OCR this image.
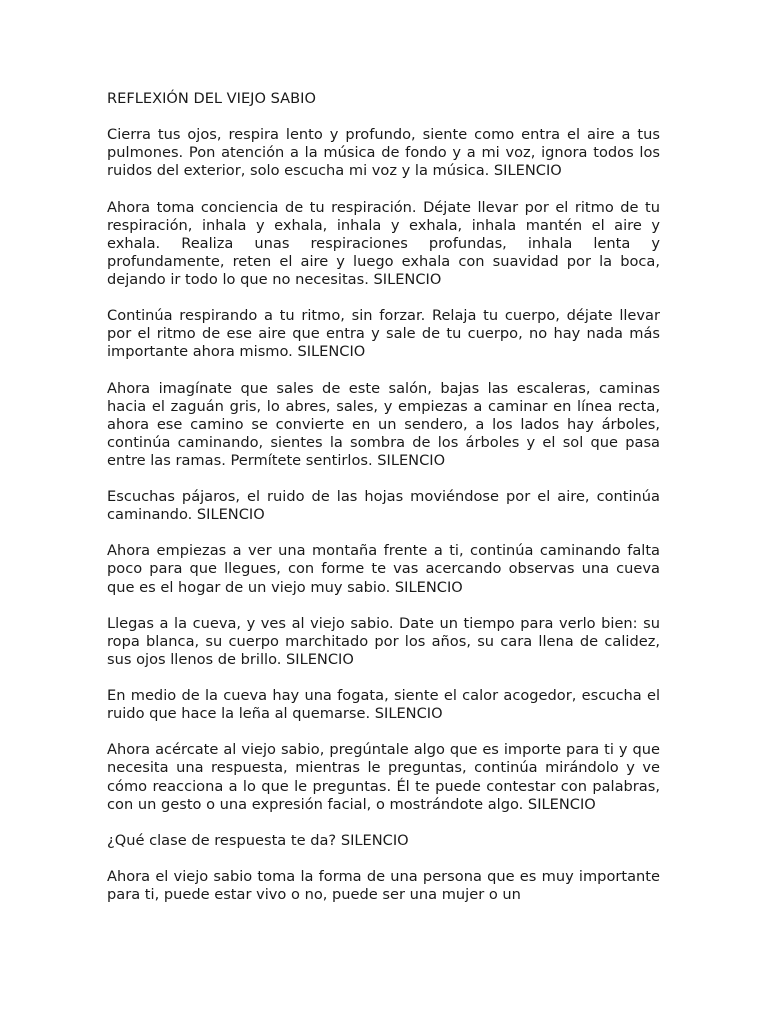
REFLEXIÓN DEL VIEJO SABIO

Cierra tus ojos, respira lento y profundo, siente como entra el aire a tus pulmones. Pon atención a la música de fondo y a mi voz, ignora todos los ruidos del exterior, solo escucha mi voz y la música. SILENCIO

Ahora toma conciencia de tu respiración. Déjate llevar por el ritmo de tu respiración, inhala y exhala, inhala y exhala, inhala mantén el aire y exhala. Realiza unas respiraciones profundas, inhala lenta y profundamente, reten el aire y luego exhala con suavidad por la boca, dejando ir todo lo que no necesitas. SILENCIO

Continúa respirando a tu ritmo, sin forzar. Relaja tu cuerpo, déjate llevar por el ritmo de ese aire que entra y sale de tu cuerpo, no hay nada más importante ahora mismo. SILENCIO

Ahora imagínate que sales de este salón, bajas las escaleras, caminas hacia el zaguán gris, lo abres, sales, y empiezas a caminar en línea recta, ahora ese camino se convierte en un sendero, a los lados hay árboles, continúa caminando, sientes la sombra de los árboles y el sol que pasa entre las ramas. Permítete sentirlos. SILENCIO

Escuchas pájaros, el ruido de las hojas moviéndose por el aire, continúa caminando. SILENCIO

Ahora empiezas a ver una montaña frente a ti, continúa caminando falta poco para que llegues, con forme te vas acercando observas una cueva que es el hogar de un viejo muy sabio. SILENCIO

Llegas a la cueva, y ves al viejo sabio. Date un tiempo para verlo bien: su ropa blanca, su cuerpo marchitado por los años, su cara llena de calidez, sus ojos llenos de brillo. SILENCIO

En medio de la cueva hay una fogata, siente el calor acogedor, escucha el ruido que hace la leña al quemarse. SILENCIO

Ahora acércate al viejo sabio, pregúntale algo que es importe para ti y que necesita una respuesta, mientras le preguntas, continúa mirándolo y ve cómo reacciona a lo que le preguntas. Él te puede contestar con palabras, con un gesto o una expresión facial, o mostrándote algo. SILENCIO

¿Qué clase de respuesta te da? SILENCIO

Ahora el viejo sabio toma la forma de una persona que es muy importante para ti, puede estar vivo o no, puede ser una mujer o un
